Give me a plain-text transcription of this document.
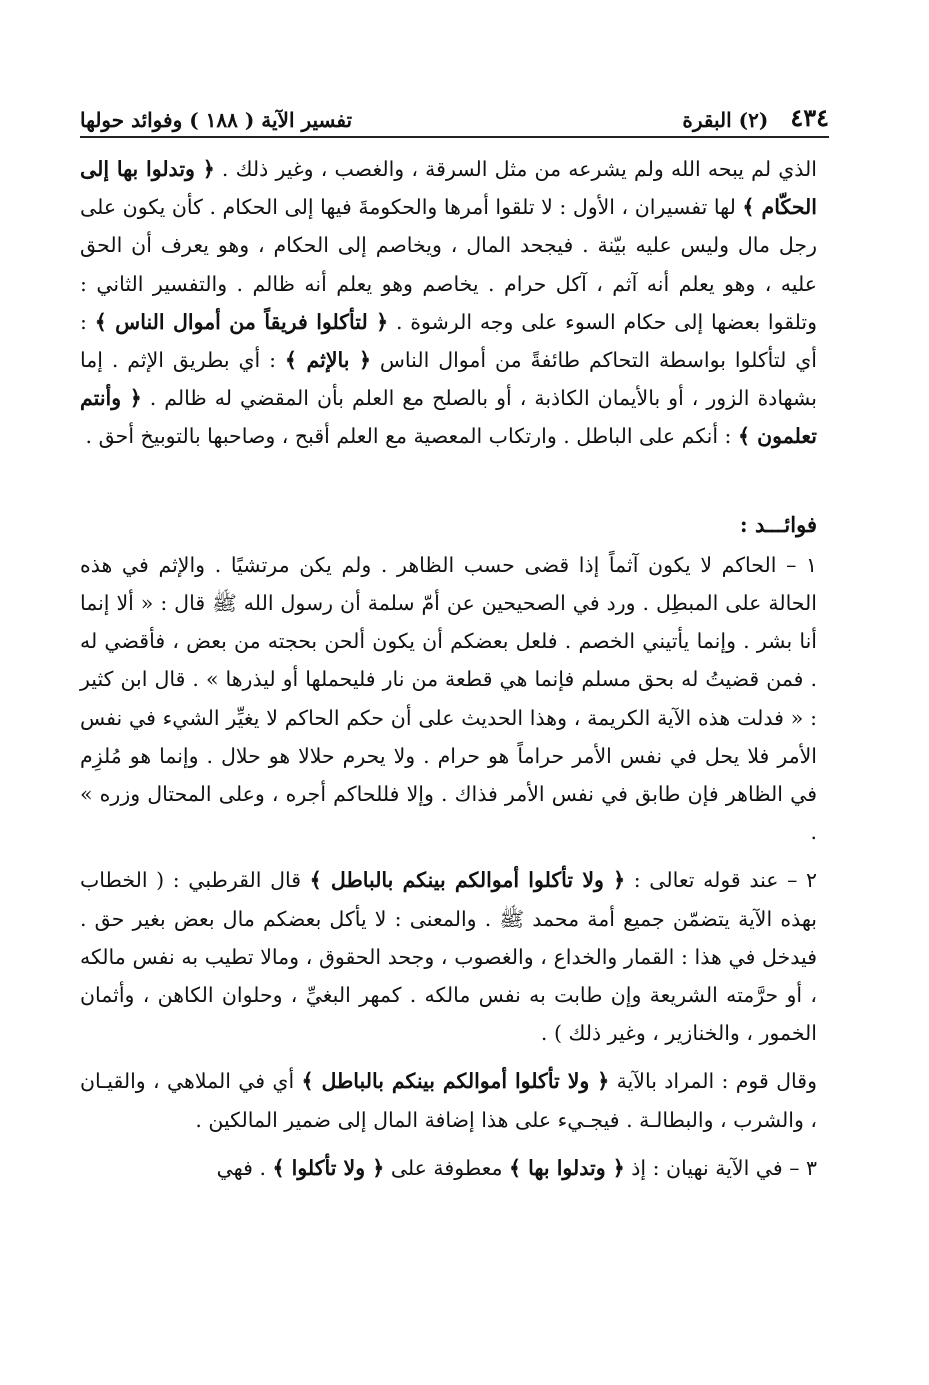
٤٣٤
(٢) البقرة
تفسير الآية ( ١٨٨ ) وفوائد حولها

الذي لم يبحه الله ولم يشرعه من مثل السرقة ، والغصب ، وغير ذلك . ﴿ وتدلوا بها إلى الحكّام ﴾ لها تفسيران ، الأول : لا تلقوا أمرها والحكومةَ فيها إلى الحكام . كأن يكون على رجل مال وليس عليه بيّنة . فيجحد المال ، ويخاصم إلى الحكام ، وهو يعرف أن الحق عليه ، وهو يعلم أنه آثم ، آكل حرام . يخاصم وهو يعلم أنه ظالم . والتفسير الثاني : وتلقوا بعضها إلى حكام السوء على وجه الرشوة . ﴿ لتأكلوا فريقاً من أموال الناس ﴾ : أي لتأكلوا بواسطة التحاكم طائفةً من أموال الناس ﴿ بالإثم ﴾ : أي بطريق الإثم . إما بشهادة الزور ، أو بالأيمان الكاذبة ، أو بالصلح مع العلم بأن المقضي له ظالم . ﴿ وأنتم تعلمون ﴾ : أنكم على الباطل . وارتكاب المعصية مع العلم أقبح ، وصاحبها بالتوبيخ أحق .

فوائـــد :

١ – الحاكم لا يكون آثماً إذا قضى حسب الظاهر . ولم يكن مرتشيًا . والإثم في هذه الحالة على المبطِل . ورد في الصحيحين عن أمّ سلمة أن رسول الله ﷺ قال : « ألا إنما أنا بشر . وإنما يأتيني الخصم . فلعل بعضكم أن يكون ألحن بحجته من بعض ، فأقضي له . فمن قضيتُ له بحق مسلم فإنما هي قطعة من نار فليحملها أو ليذرها » . قال ابن كثير : « فدلت هذه الآية الكريمة ، وهذا الحديث على أن حكم الحاكم لا يغيِّر الشيء في نفس الأمر فلا يحل في نفس الأمر حراماً هو حرام . ولا يحرم حلالا هو حلال . وإنما هو مُلزِم في الظاهر فإن طابق في نفس الأمر فذاك . وإلا فللحاكم أجره ، وعلى المحتال وزره » .

٢ – عند قوله تعالى : ﴿ ولا تأكلوا أموالكم بينكم بالباطل ﴾ قال القرطبي : ( الخطاب بهذه الآية يتضمّن جميع أمة محمد ﷺ . والمعنى : لا يأكل بعضكم مال بعض بغير حق . فيدخل في هذا : القمار والخداع ، والغصوب ، وجحد الحقوق ، ومالا تطيب به نفس مالكه ، أو حرَّمته الشريعة وإن طابت به نفس مالكه . كمهر البغيِّ ، وحلوان الكاهن ، وأثمان الخمور ، والخنازير ، وغير ذلك ) .

وقال قوم : المراد بالآية ﴿ ولا تأكلوا أموالكم بينكم بالباطل ﴾ أي في الملاهي ، والقيـان ، والشرب ، والبطالـة . فيجـيء على هذا إضافة المال إلى ضمير المالكين .

٣ – في الآية نهيان : إذ ﴿ وتدلوا بها ﴾ معطوفة على ﴿ ولا تأكلوا ﴾ . فهي
